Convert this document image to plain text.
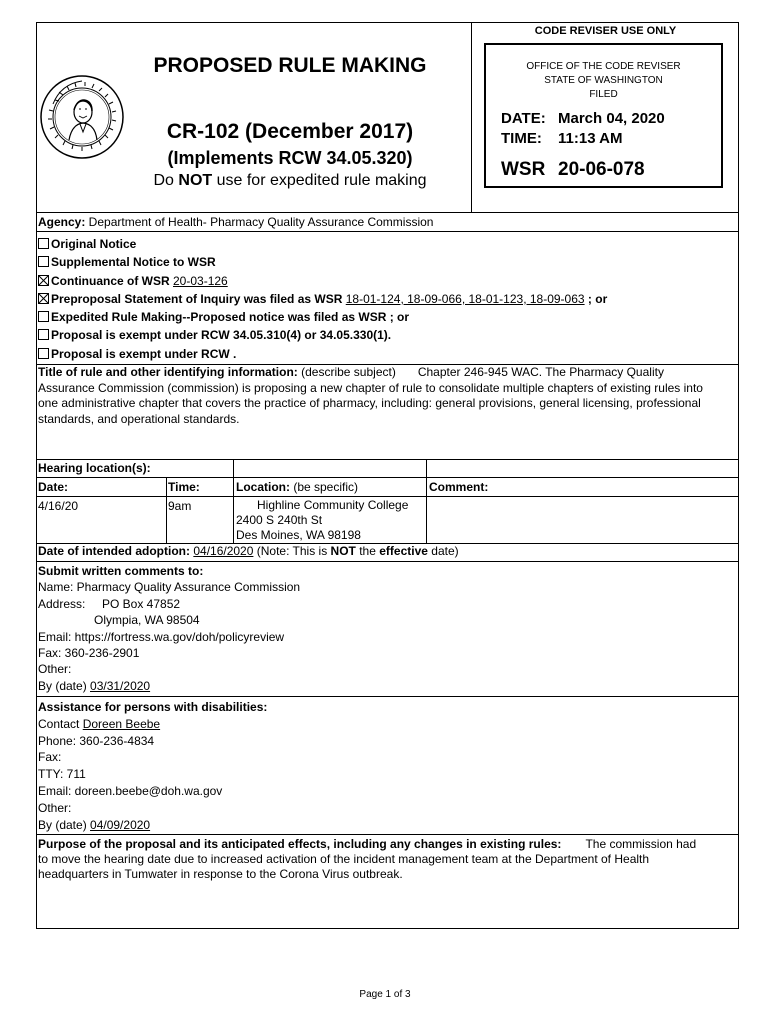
PROPOSED RULE MAKING
CR-102 (December 2017)
(Implements RCW 34.05.320)
Do NOT use for expedited rule making
CODE REVISER USE ONLY
OFFICE OF THE CODE REVISER
STATE OF WASHINGTON
FILED
DATE: March 04, 2020
TIME: 11:13 AM
WSR 20-06-078
Agency: Department of Health- Pharmacy Quality Assurance Commission
Original Notice
Supplemental Notice to WSR
Continuance of WSR 20-03-126
Preproposal Statement of Inquiry was filed as WSR 18-01-124, 18-09-066, 18-01-123, 18-09-063 ; or
Expedited Rule Making--Proposed notice was filed as WSR ; or
Proposal is exempt under RCW 34.05.310(4) or 34.05.330(1).
Proposal is exempt under RCW .
Title of rule and other identifying information: (describe subject) Chapter 246-945 WAC. The Pharmacy Quality
Assurance Commission (commission) is proposing a new chapter of rule to consolidate multiple chapters of existing rules into
one administrative chapter that covers the practice of pharmacy, including: general provisions, general licensing, professional
standards, and operational standards.
Hearing location(s):
Date:	Time:	Location: (be specific)	Comment:
4/16/20	9am	Highline Community College
2400 S 240th St
Des Moines, WA 98198
Date of intended adoption: 04/16/2020 (Note: This is NOT the effective date)
Submit written comments to:
Name: Pharmacy Quality Assurance Commission
Address: PO Box 47852
Olympia, WA 98504
Email: https://fortress.wa.gov/doh/policyreview
Fax: 360-236-2901
Other:
By (date) 03/31/2020
Assistance for persons with disabilities:
Contact Doreen Beebe
Phone: 360-236-4834
Fax:
TTY: 711
Email: doreen.beebe@doh.wa.gov
Other:
By (date) 04/09/2020
Purpose of the proposal and its anticipated effects, including any changes in existing rules: The commission had
to move the hearing date due to increased activation of the incident management team at the Department of Health
headquarters in Tumwater in response to the Corona Virus outbreak.
Page 1 of 3
